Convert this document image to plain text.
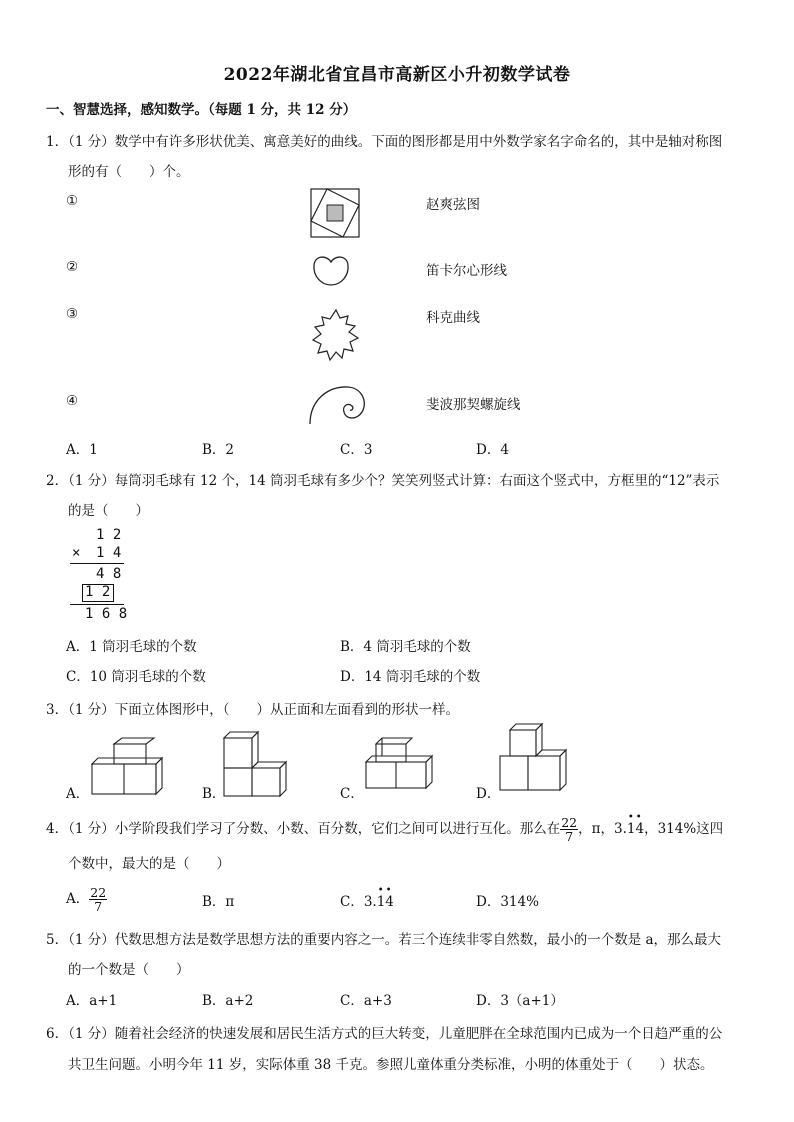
2022年湖北省宜昌市高新区小升初数学试卷
一、智慧选择，感知数学。（每题 1 分，共 12 分）
1．（1 分）数学中有许多形状优美、寓意美好的曲线。下面的图形都是用中外数学家名字命名的，其中是轴对称图
形的有（　　）个。
①	赵爽弦图
②	笛卡尔心形线
③	科克曲线
④	斐波那契螺旋线
A．1	B．2	C．3	D．4
2．（1 分）每筒羽毛球有 12 个，14 筒羽毛球有多少个？笑笑列竖式计算：右面这个竖式中，方框里的“12”表示
的是（　　）
1 2
× 1 4
4 8
1 2
1 6 8
A．1 筒羽毛球的个数	B．4 筒羽毛球的个数
C．10 筒羽毛球的个数	D．14 筒羽毛球的个数
3．（1 分）下面立体图形中，（　　）从正面和左面看到的形状一样。
A．	B．	C．	D．
4．（1 分）小学阶段我们学习了分数、小数、百分数，它们之间可以进行互化。那么在 $\frac{22}{7}$ ，π，3.
••
14，314%这四
个数中，最大的是（　　）
A． $\frac{22}{7}$	B．π	C．3.
••
14	D．314%
5．（1 分）代数思想方法是数学思想方法的重要内容之一。若三个连续非零自然数，最小的一个数是 a，那么最大
的一个数是（　　）
A．a+1	B．a+2	C．a+3	D．3（a+1）
6．（1 分）随着社会经济的快速发展和居民生活方式的巨大转变，儿童肥胖在全球范围内已成为一个日趋严重的公
共卫生问题。小明今年 11 岁，实际体重 38 千克。参照儿童体重分类标准，小明的体重处于（　　）状态。
